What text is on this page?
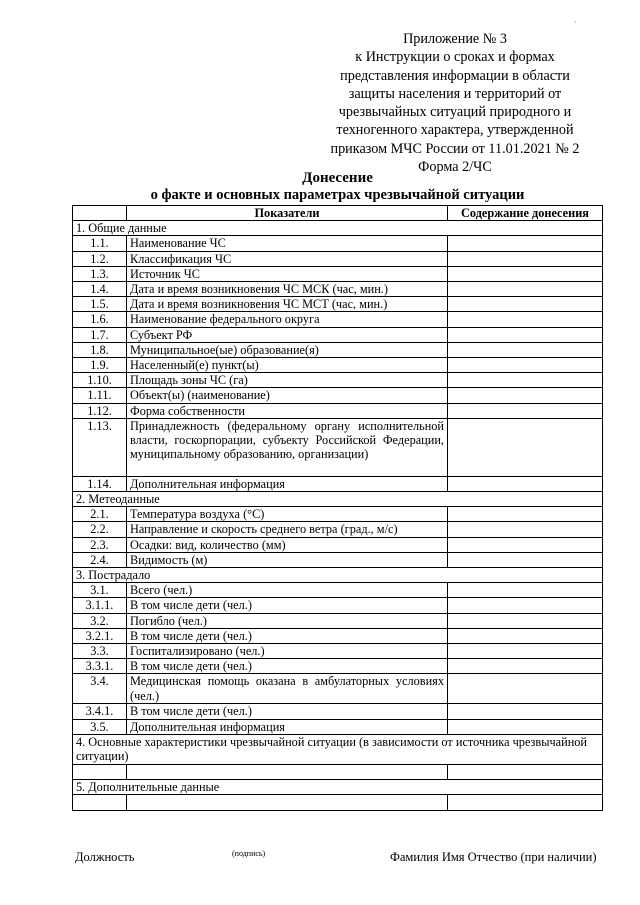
·
Приложение № 3
к Инструкции о сроках и формах
представления информации в области
защиты населения и территорий от
чрезвычайных ситуаций природного и
техногенного характера, утвержденной
приказом МЧС России от 11.01.2021 № 2
Форма 2/ЧС
Донесение
о факте и основных параметрах чрезвычайной ситуации
	Показатели	Содержание донесения
1. Общие данные		
1.1.	Наименование ЧС	
1.2.	Классификация ЧС	
1.3.	Источник ЧС	
1.4.	Дата и время возникновения ЧС МСК (час, мин.)	
1.5.	Дата и время возникновения ЧС МСТ (час, мин.)	
1.6.	Наименование федерального округа	
1.7.	Субъект РФ	
1.8.	Муниципальное(ые) образование(я)	
1.9.	Населенный(е) пункт(ы)	
1.10.	Площадь зоны ЧС (га)	
1.11.	Объект(ы) (наименование)	
1.12.	Форма собственности	
1.13.	Принадлежность (федеральному органу исполнительной власти, госкорпорации, субъекту Российской Федерации, муниципальному образованию, организации)	
1.14.	Дополнительная информация	
2. Метеоданные		
2.1.	Температура воздуха (°С)	
2.2.	Направление и скорость среднего ветра (град., м/с)	
2.3.	Осадки: вид, количество (мм)	
2.4.	Видимость (м)	
3. Пострадало		
3.1.	Всего (чел.)	
3.1.1.	В том числе дети (чел.)	
3.2.	Погибло (чел.)	
3.2.1.	В том числе дети (чел.)	
3.3.	Госпитализировано (чел.)	
3.3.1.	В том числе дети (чел.)	
3.4.	Медицинская помощь оказана в амбулаторных условиях (чел.)	
3.4.1.	В том числе дети (чел.)	
3.5.	Дополнительная информация	
4. Основные характеристики чрезвычайной ситуации (в зависимости от источника чрезвычайной ситуации)		

5. Дополнительные данные		

Должность	(подпись)	Фамилия Имя Отчество (при наличии)
